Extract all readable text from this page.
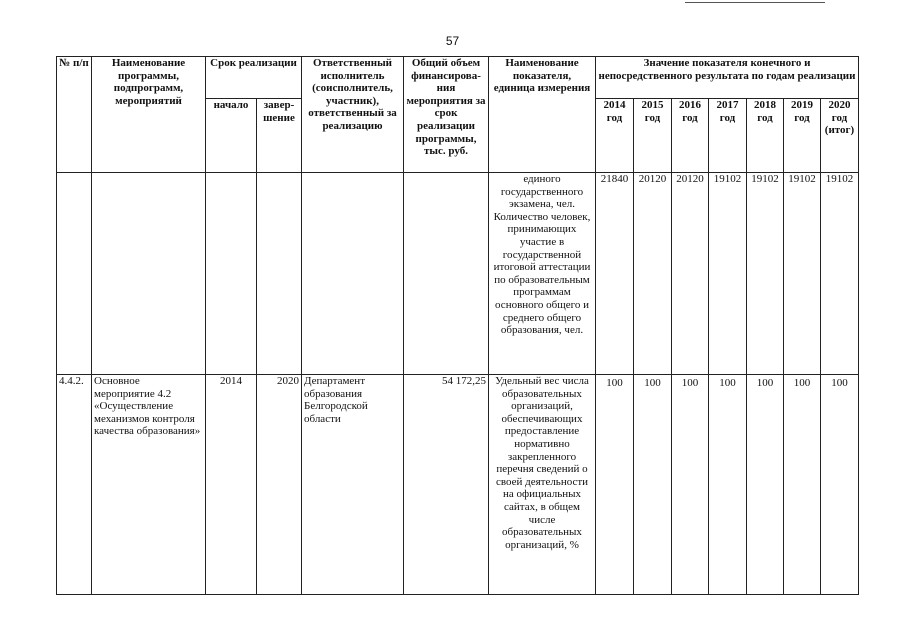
57
№ п/п	Наименование программы, подпрограмм, мероприятий	Срок реализации		Ответственный исполнитель (соисполнитель, участник), ответственный за реализацию	Общий объем финансирова-ния мероприятия за срок реализации программы, тыс. руб.	Наименование показателя, единица измерения	Значение показателя конечного и непосредственного результата по годам реализации						
		начало	завер-шение				2014 год	2015 год	2016 год	2017 год	2018 год	2019 год	2020 год (итог)
						единого государственного экзамена, чел. Количество человек, принимающих участие в государственной итоговой аттестации по образовательным программам основного общего и среднего общего образования, чел.	21840	20120	20120	19102	19102	19102	19102
4.4.2.	Основное мероприятие 4.2 «Осуществление механизмов контроля качества образования»	2014	2020	Департамент образования Белгородской области	54 172,25	Удельный вес числа образовательных организаций, обеспечивающих предоставление нормативно закрепленного перечня сведений о своей деятельности на официальных сайтах, в общем числе образовательных организаций, %	100	100	100	100	100	100	100
